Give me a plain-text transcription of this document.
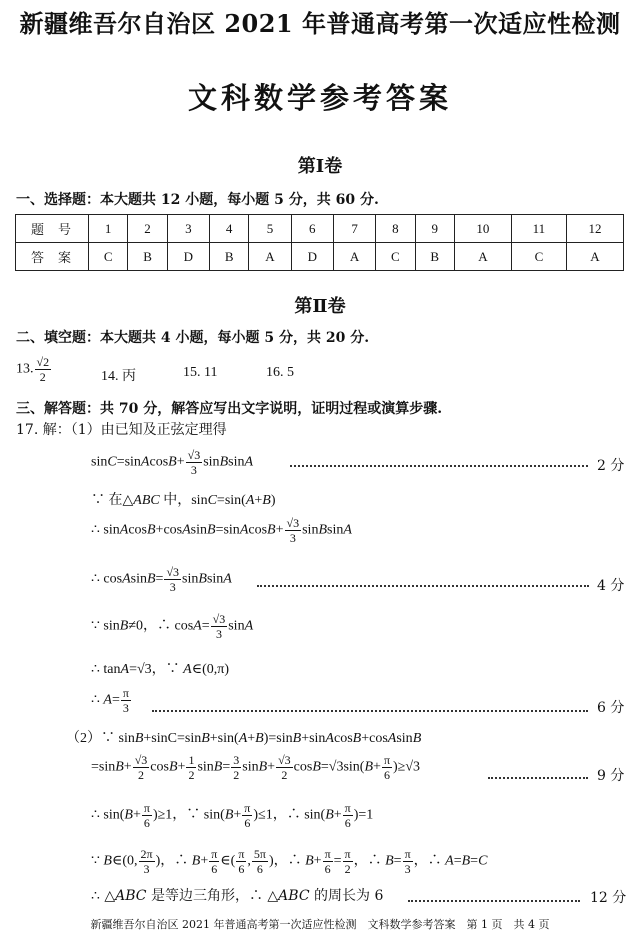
新疆维吾尔自治区 2021 年普通高考第一次适应性检测
文科数学参考答案
第Ⅰ卷
一、选择题：本大题共 12 小题，每小题 5 分，共 60 分.
题号	1	2	3	4	5	6	7	8	9	10	11	12
答案	C	B	D	B	A	D	A	C	B	A	C	A
第Ⅱ卷
二、填空题：本大题共 4 小题，每小题 5 分，共 20 分.
13. $\frac{√2}{2}$	14. 丙	15. 11	16. 5
三、解答题：共 70 分，解答应写出文字说明，证明过程或演算步骤.
17. 解：（1）由已知及正弦定理得
sinC=sinAcosB+ $\frac{√3}{3}$ sinBsinA	2 分
∵ 在△ABC 中，sinC=sin(A+B)
∴ sinAcosB+cosAsinB=sinAcosB+ $\frac{√3}{3}$ sinBsinA
∴ cosAsinB= $\frac{√3}{3}$ sinBsinA	4 分
∵ sinB≠0，∴ $\cos A= \frac{√3}{3}$ sinA
∴ tanA=√3，∵ A∈(0,π)
∴ $A= \frac{\pi}{3}$	6 分
（2）∵ sinB+sinC=sinB+sin(A+B)=sinB+sinAcosB+cosAsinB
$=\sin B+ \frac{√3}{2} \cos B+ \frac{1}{2} \sin B= \frac{3}{2} \sin B+ \frac{√3}{2} \cos B=√3\sin(B+ \frac{\pi}{6} )\ge√3$
9 分
∴ $\sin(B+ \frac{\pi}{6} )\ge 1$，∵ $\sin(B+ \frac{\pi}{6} )\le 1$，∴ $\sin(B+ \frac{\pi}{6} )=1$
∵ B∈(0, $\frac{2\pi}{3}$ )，∴ $B+ \frac{\pi}{6}$ ∈( $\frac{\pi}{6}$ , $\frac{5\pi}{6}$ )，∴ $B+ \frac{\pi}{6} = \frac{\pi}{2}$ ，∴ $B= \frac{\pi}{3}$ ，∴ A=B=C
∴ △ABC 是等边三角形，∴ △ABC 的周长为 6	12 分
新疆维吾尔自治区 2021 年普通高考第一次适应性检测　文科数学参考答案　第 1 页　共 4 页
